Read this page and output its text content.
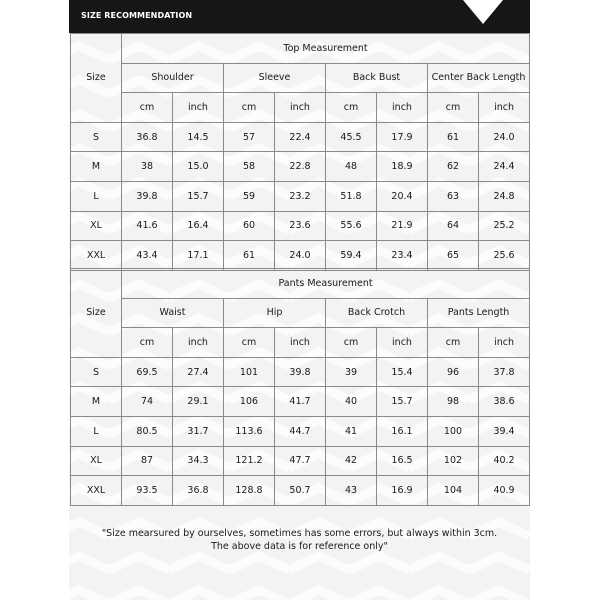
SIZE RECOMMENDATION
Size	Top Measurement							
	Shoulder		Sleeve		Back Bust		Center Back Length	
	cm	inch	cm	inch	cm	inch	cm	inch
S	36.8	14.5	57	22.4	45.5	17.9	61	24.0
M	38	15.0	58	22.8	48	18.9	62	24.4
L	39.8	15.7	59	23.2	51.8	20.4	63	24.8
XL	41.6	16.4	60	23.6	55.6	21.9	64	25.2
XXL	43.4	17.1	61	24.0	59.4	23.4	65	25.6
Size	Pants Measurement							
	Waist		Hip		Back Crotch		Pants Length	
	cm	inch	cm	inch	cm	inch	cm	inch
S	69.5	27.4	101	39.8	39	15.4	96	37.8
M	74	29.1	106	41.7	40	15.7	98	38.6
L	80.5	31.7	113.6	44.7	41	16.1	100	39.4
XL	87	34.3	121.2	47.7	42	16.5	102	40.2
XXL	93.5	36.8	128.8	50.7	43	16.9	104	40.9
"Size mearsured by ourselves, sometimes has some errors, but always within 3cm.
The above data is for reference only"
